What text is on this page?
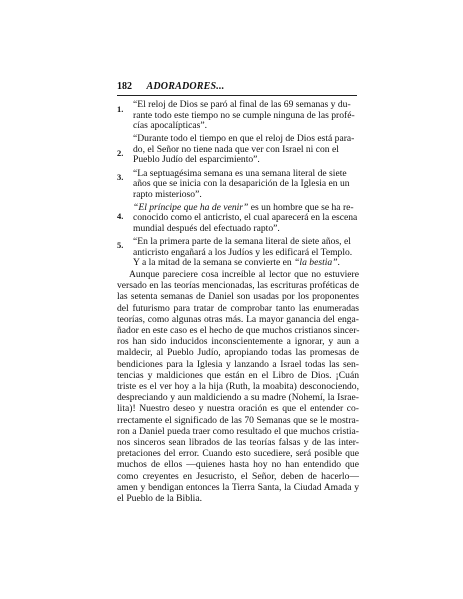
182 ADORADORES...
1. “El reloj de Dios se paró al final de las 69 semanas y du-
rante todo este tiempo no se cumple ninguna de las profé-
cías apocalípticas”.
2.
“Durante todo el tiempo en que el reloj de Dios está para-
do, el Señor no tiene nada que ver con Israel ni con el
Pueblo Judío del esparcimiento”.
3. “La septuagésima semana es una semana literal de siete
años que se inicia con la desaparición de la Iglesia en un
rapto misterioso”.
4.
“El príncipe que ha de venir” es un hombre que se ha re-
conocido como el anticristo, el cual aparecerá en la escena
mundial después del efectuado rapto”.
5. “En la primera parte de la semana literal de siete años, el
anticristo engañará a los Judíos y les edificará el Templo.
Y a la mitad de la semana se convierte en “la bestia”.
Aunque pareciere cosa increíble al lector que no estuviere
versado en las teorías mencionadas, las escrituras proféticas de
las setenta semanas de Daniel son usadas por los proponentes
del futurismo para tratar de comprobar tanto las enumeradas
teorías, como algunas otras más. La mayor ganancia del enga-
ñador en este caso es el hecho de que muchos cristianos sincer-
ros han sido inducidos inconscientemente a ignorar, y aun a
maldecir, al Pueblo Judío, apropiando todas las promesas de
bendiciones para la Iglesia y lanzando a Israel todas las sen-
tencias y maldiciones que están en el Libro de Dios. ¡Cuán
triste es el ver hoy a la hija (Ruth, la moabita) desconociendo,
despreciando y aun maldiciendo a su madre (Nohemí, la Israe-
lita)! Nuestro deseo y nuestra oración es que el entender co-
rrectamente el significado de las 70 Semanas que se le mostra-
ron a Daniel pueda traer como resultado el que muchos cristia-
nos sinceros sean librados de las teorías falsas y de las inter-
pretaciones del error. Cuando esto sucediere, será posible que
muchos de ellos —quienes hasta hoy no han entendido que
como creyentes en Jesucristo, el Señor, deben de hacerlo—
amen y bendigan entonces la Tierra Santa, la Ciudad Amada y
el Pueblo de la Biblia.
